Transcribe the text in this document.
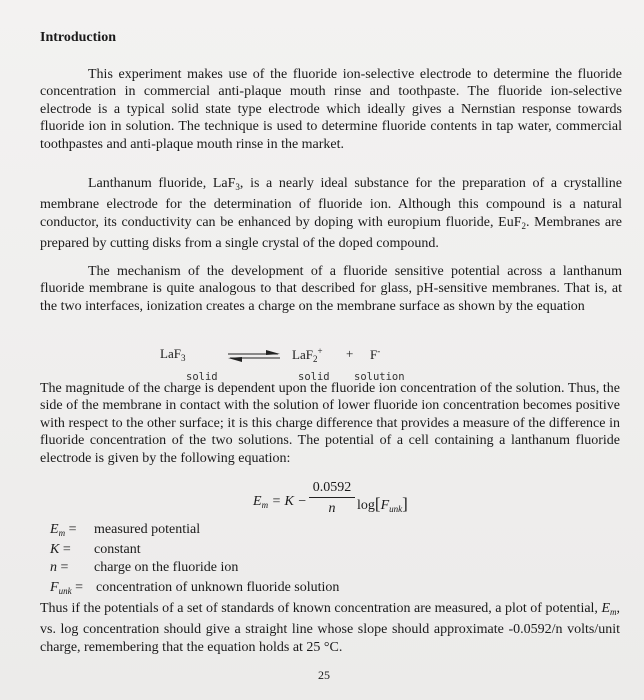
Introduction

This experiment makes use of the fluoride ion-selective electrode to determine the fluoride concentration in commercial anti-plaque mouth rinse and toothpaste. The fluoride ion-selective electrode is a typical solid state type electrode which ideally gives a Nernstian response towards fluoride ion in solution. The technique is used to determine fluoride contents in tap water, commercial toothpastes and anti-plaque mouth rinse in the market.

Lanthanum fluoride, LaF$_3$, is a nearly ideal substance for the preparation of a crystalline membrane electrode for the determination of fluoride ion. Although this compound is a natural conductor, its conductivity can be enhanced by doping with europium fluoride, EuF$_2$. Membranes are prepared by cutting disks from a single crystal of the doped compound.

The mechanism of the development of a fluoride sensitive potential across a lanthanum fluoride membrane is quite analogous to that described for glass, pH-sensitive membranes. That is, at the two interfaces, ionization creates a charge on the membrane surface as shown by the equation

LaF$_3$	LaF$_2$+ + F-
solid	solid solution

The magnitude of the charge is dependent upon the fluoride ion concentration of the solution. Thus, the side of the membrane in contact with the solution of lower fluoride ion concentration becomes positive with respect to the other surface; it is this charge difference that provides a measure of the difference in fluoride concentration of the two solutions. The potential of a cell containing a lanthanum fluoride electrode is given by the following equation:

$E_m = K - \frac{0.0592}{n} \log[F_{unk}]$
$E_m$ = measured potential
K = constant
n = charge on the fluoride ion
$F_{unk}$ = concentration of unknown fluoride solution

Thus if the potentials of a set of standards of known concentration are measured, a plot of potential, $E_m$, vs. log concentration should give a straight line whose slope should approximate -0.0592/n volts/unit charge, remembering that the equation holds at 25 °C.

25
